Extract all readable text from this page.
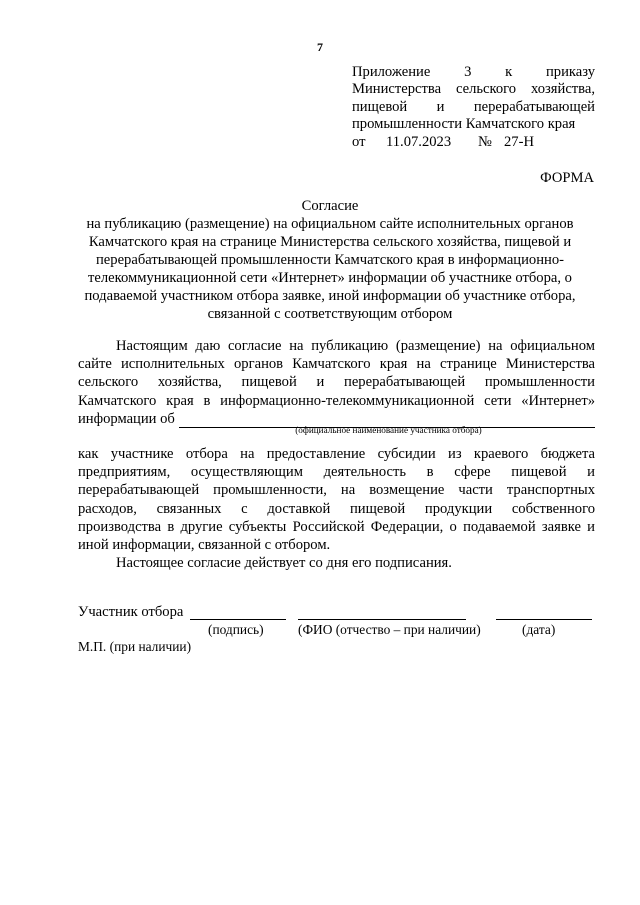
7
Приложение 3 к приказу
Министерства сельского хозяйства,
пищевой и перерабатывающей
промышленности Камчатского края
от 11.07.2023 № 27-Н
ФОРМА
Согласие
на публикацию (размещение) на официальном сайте исполнительных органов
Камчатского края на странице Министерства сельского хозяйства, пищевой и
перерабатывающей промышленности Камчатского края в информационно-
телекоммуникационной сети «Интернет» информации об участнике отбора, о
подаваемой участником отбора заявке, иной информации об участнике отбора,
связанной с соответствующим отбором
Настоящим даю согласие на публикацию (размещение) на официальном
сайте исполнительных органов Камчатского края на странице Министерства
сельского хозяйства, пищевой и перерабатывающей промышленности
Камчатского края в информационно-телекоммуникационной сети «Интернет»
информации об
(официальное наименование участника отбора)
как участнике отбора на предоставление субсидии из краевого бюджета
предприятиям, осуществляющим деятельность в сфере пищевой и
перерабатывающей промышленности, на возмещение части транспортных
расходов, связанных с доставкой пищевой продукции собственного
производства в другие субъекты Российской Федерации, о подаваемой заявке и
иной информации, связанной с отбором.
Настоящее согласие действует со дня его подписания.
Участник отбора
(подпись)	(ФИО (отчество – при наличии)	(дата)
М.П. (при наличии)
